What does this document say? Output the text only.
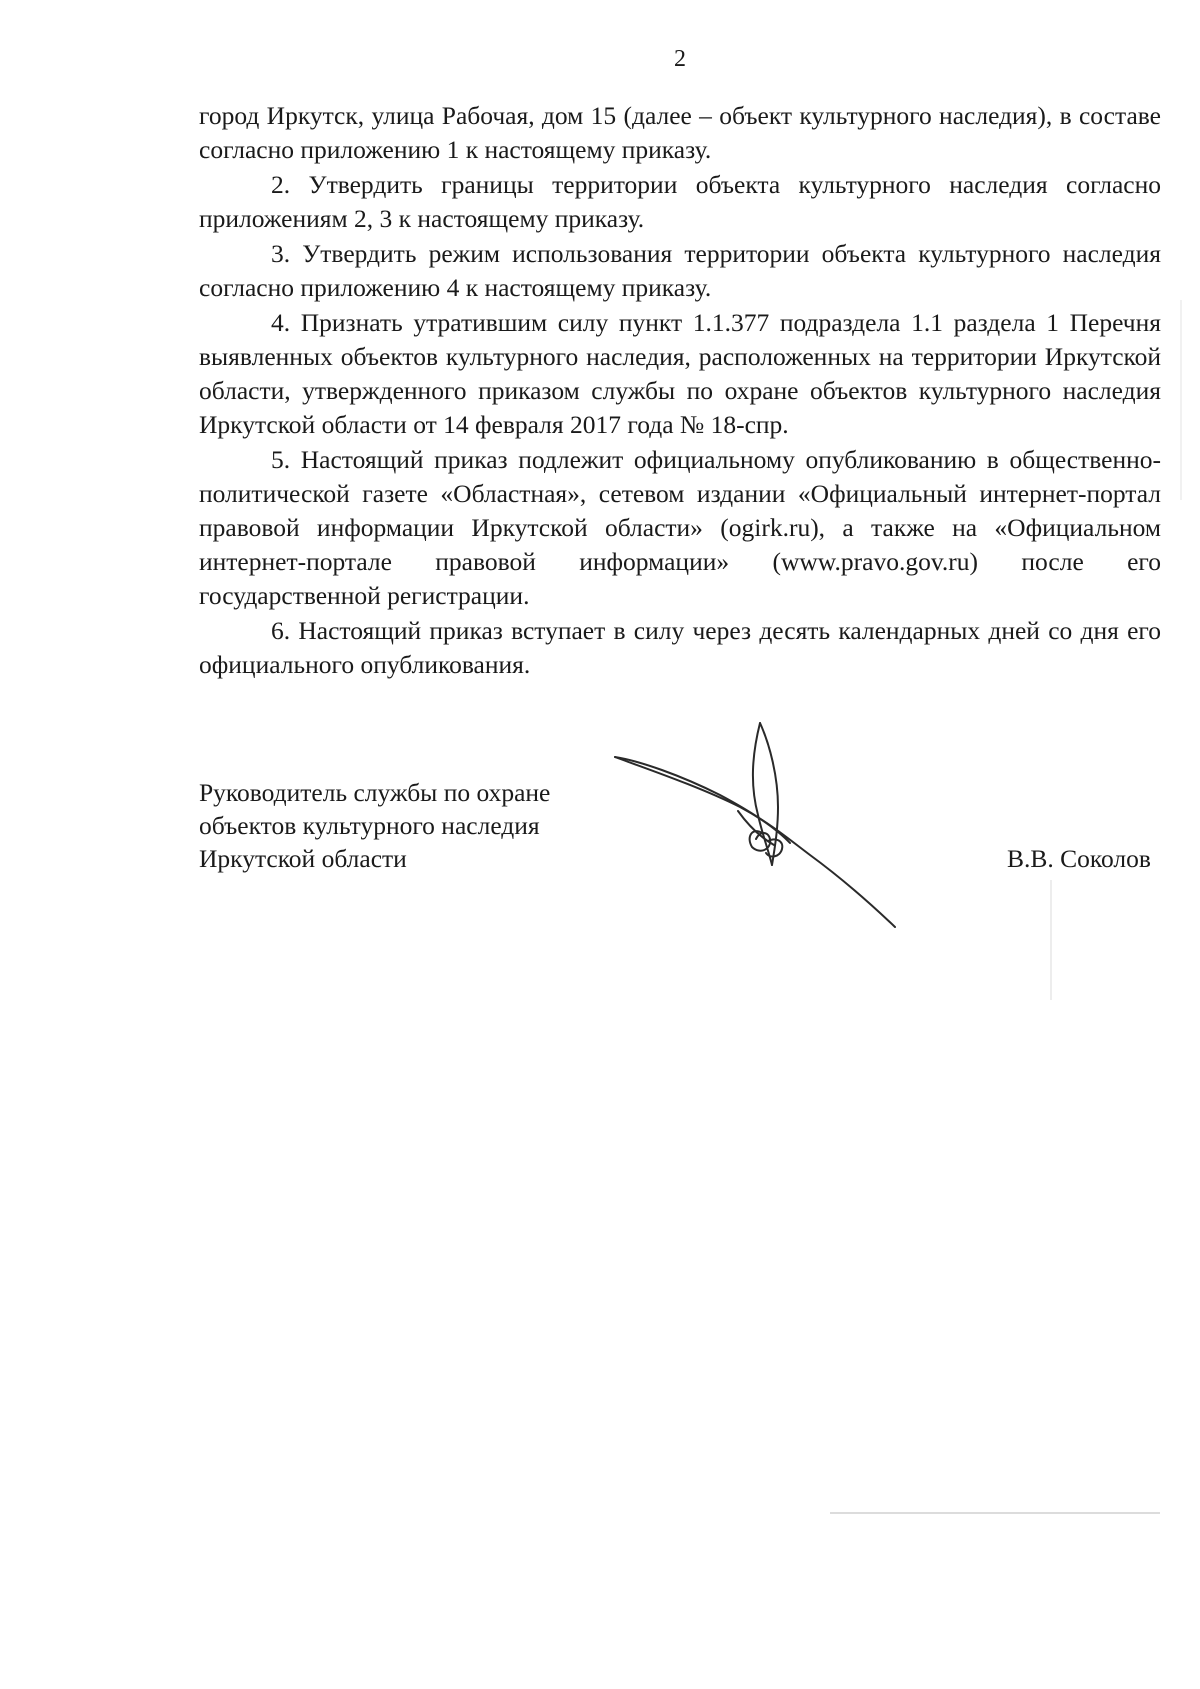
2

город Иркутск, улица Рабочая, дом 15 (далее – объект культурного наследия), в составе согласно приложению 1 к настоящему приказу.

2. Утвердить границы территории объекта культурного наследия согласно приложениям 2, 3 к настоящему приказу.

3. Утвердить режим использования территории объекта культурного наследия согласно приложению 4 к настоящему приказу.

4. Признать утратившим силу пункт 1.1.377 подраздела 1.1 раздела 1 Перечня выявленных объектов культурного наследия, расположенных на территории Иркутской области, утвержденного приказом службы по охране объектов культурного наследия Иркутской области от 14 февраля 2017 года № 18-спр.

5. Настоящий приказ подлежит официальному опубликованию в общественно-политической газете «Областная», сетевом издании «Официальный интернет-портал правовой информации Иркутской области» (ogirk.ru), а также на «Официальном интернет-портале правовой информации» (www.pravo.gov.ru) после его государственной регистрации.

6. Настоящий приказ вступает в силу через десять календарных дней со дня его официального опубликования.

Руководитель службы по охране
объектов культурного наследия
Иркутской области	В.В. Соколов
